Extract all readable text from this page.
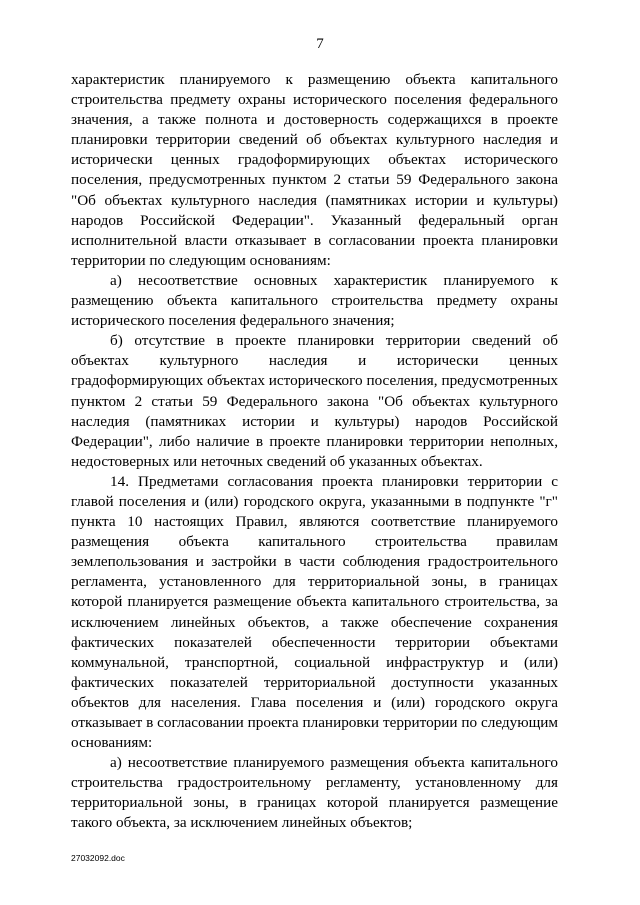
7

характеристик планируемого к размещению объекта капитального строительства предмету охраны исторического поселения федерального значения, а также полнота и достоверность содержащихся в проекте планировки территории сведений об объектах культурного наследия и исторически ценных градоформирующих объектах исторического поселения, предусмотренных пунктом 2 статьи 59 Федерального закона "Об объектах культурного наследия (памятниках истории и культуры) народов Российской Федерации". Указанный федеральный орган исполнительной власти отказывает в согласовании проекта планировки территории по следующим основаниям:

а) несоответствие основных характеристик планируемого к размещению объекта капитального строительства предмету охраны исторического поселения федерального значения;

б) отсутствие в проекте планировки территории сведений об объектах культурного наследия и исторически ценных градоформирующих объектах исторического поселения, предусмотренных пунктом 2 статьи 59 Федерального закона "Об объектах культурного наследия (памятниках истории и культуры) народов Российской Федерации", либо наличие в проекте планировки территории неполных, недостоверных или неточных сведений об указанных объектах.

14. Предметами согласования проекта планировки территории с главой поселения и (или) городского округа, указанными в подпункте "г" пункта 10 настоящих Правил, являются соответствие планируемого размещения объекта капитального строительства правилам землепользования и застройки в части соблюдения градостроительного регламента, установленного для территориальной зоны, в границах которой планируется размещение объекта капитального строительства, за исключением линейных объектов, а также обеспечение сохранения фактических показателей обеспеченности территории объектами коммунальной, транспортной, социальной инфраструктур и (или) фактических показателей территориальной доступности указанных объектов для населения. Глава поселения и (или) городского округа отказывает в согласовании проекта планировки территории по следующим основаниям:

а) несоответствие планируемого размещения объекта капитального строительства градостроительному регламенту, установленному для территориальной зоны, в границах которой планируется размещение такого объекта, за исключением линейных объектов;

27032092.doc
